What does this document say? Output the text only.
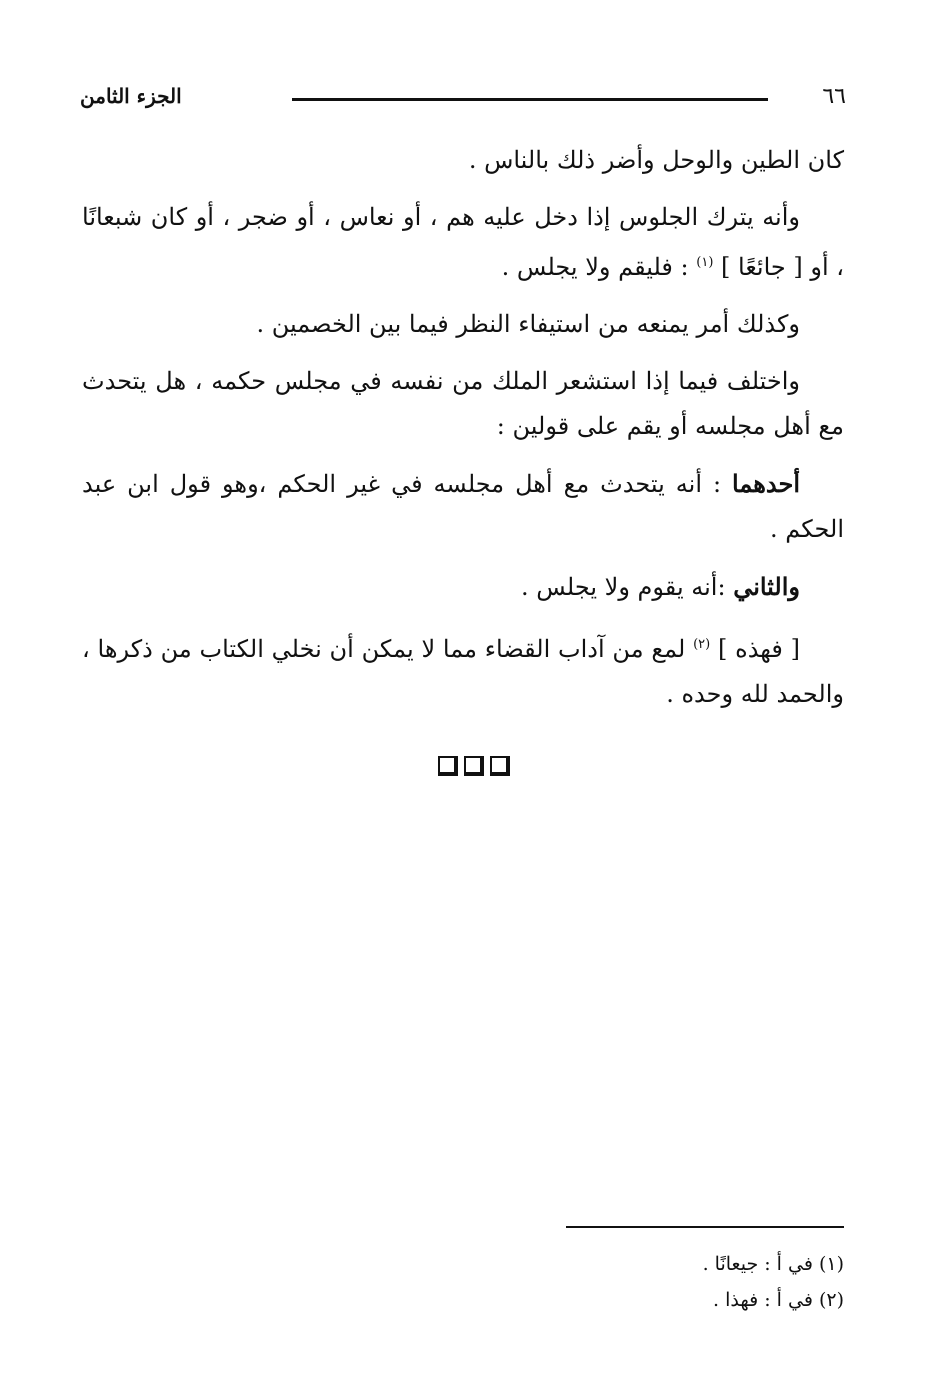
٦٦
الجزء الثامن

كان الطين والوحل وأضر ذلك بالناس .

وأنه يترك الجلوس إذا دخل عليه هم ، أو نعاس ، أو ضجر ، أو كان شبعانًا ، أو [ جائعًا ] $^{(١)}$ : فليقم ولا يجلس .

وكذلك أمر يمنعه من استيفاء النظر فيما بين الخصمين .

واختلف فيما إذا استشعر الملك من نفسه في مجلس حكمه ، هل يتحدث مع أهل مجلسه أو يقم على قولين :

أحدهما : أنه يتحدث مع أهل مجلسه في غير الحكم ،وهو قول ابن عبد الحكم .

والثاني :أنه يقوم ولا يجلس .

[ فهذه ] $^{(٢)}$ لمع من آداب القضاء مما لا يمكن أن نخلي الكتاب من ذكرها ، والحمد لله وحده .

(١) في أ : جيعانًا .
(٢) في أ : فهذا .
